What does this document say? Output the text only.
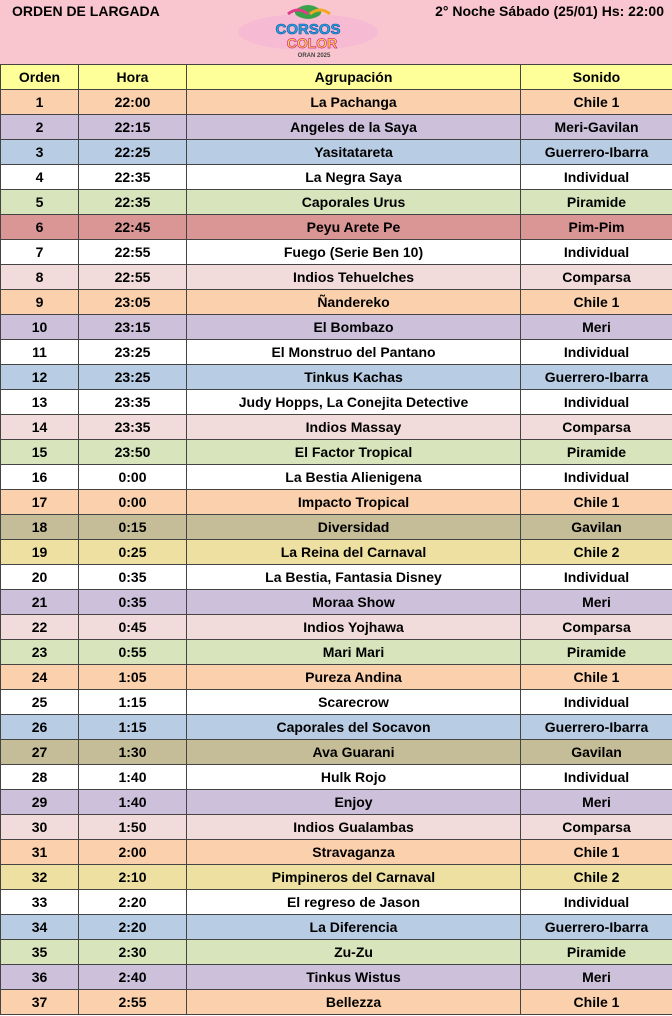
ORDEN DE LARGADA
CORSOS
COLOR
ORAN 2025
2° Noche Sábado (25/01) Hs: 22:00
Orden	Hora	Agrupación	Sonido
1	22:00	La Pachanga	Chile 1
2	22:15	Angeles de la Saya	Meri-Gavilan
3	22:25	Yasitatareta	Guerrero-Ibarra
4	22:35	La Negra Saya	Individual
5	22:35	Caporales Urus	Piramide
6	22:45	Peyu Arete Pe	Pim-Pim
7	22:55	Fuego (Serie Ben 10)	Individual
8	22:55	Indios Tehuelches	Comparsa
9	23:05	Ñandereko	Chile 1
10	23:15	El Bombazo	Meri
11	23:25	El Monstruo del Pantano	Individual
12	23:25	Tinkus Kachas	Guerrero-Ibarra
13	23:35	Judy Hopps, La Conejita Detective	Individual
14	23:35	Indios Massay	Comparsa
15	23:50	El Factor Tropical	Piramide
16	0:00	La Bestia Alienigena	Individual
17	0:00	Impacto Tropical	Chile 1
18	0:15	Diversidad	Gavilan
19	0:25	La Reina del Carnaval	Chile 2
20	0:35	La Bestia, Fantasia Disney	Individual
21	0:35	Moraa Show	Meri
22	0:45	Indios Yojhawa	Comparsa
23	0:55	Mari Mari	Piramide
24	1:05	Pureza Andina	Chile 1
25	1:15	Scarecrow	Individual
26	1:15	Caporales del Socavon	Guerrero-Ibarra
27	1:30	Ava Guarani	Gavilan
28	1:40	Hulk Rojo	Individual
29	1:40	Enjoy	Meri
30	1:50	Indios Gualambas	Comparsa
31	2:00	Stravaganza	Chile 1
32	2:10	Pimpineros del Carnaval	Chile 2
33	2:20	El regreso de Jason	Individual
34	2:20	La Diferencia	Guerrero-Ibarra
35	2:30	Zu-Zu	Piramide
36	2:40	Tinkus Wistus	Meri
37	2:55	Bellezza	Chile 1
